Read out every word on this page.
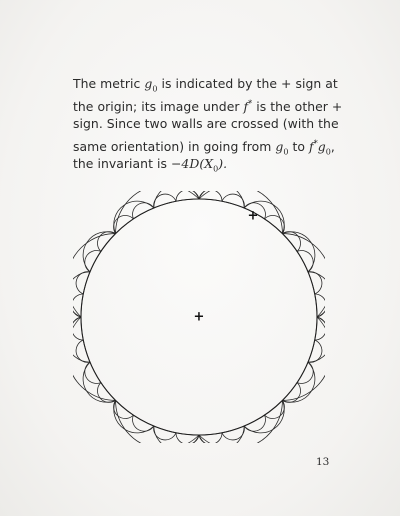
The metric $g_0$ is indicated by the + sign at
the origin; its image under f* is the other +
sign. Since two walls are crossed (with the
same orientation) in going from $g_0$ to $f^*g_0$,
the invariant is $-4D(X_0)$.
+
+
13
